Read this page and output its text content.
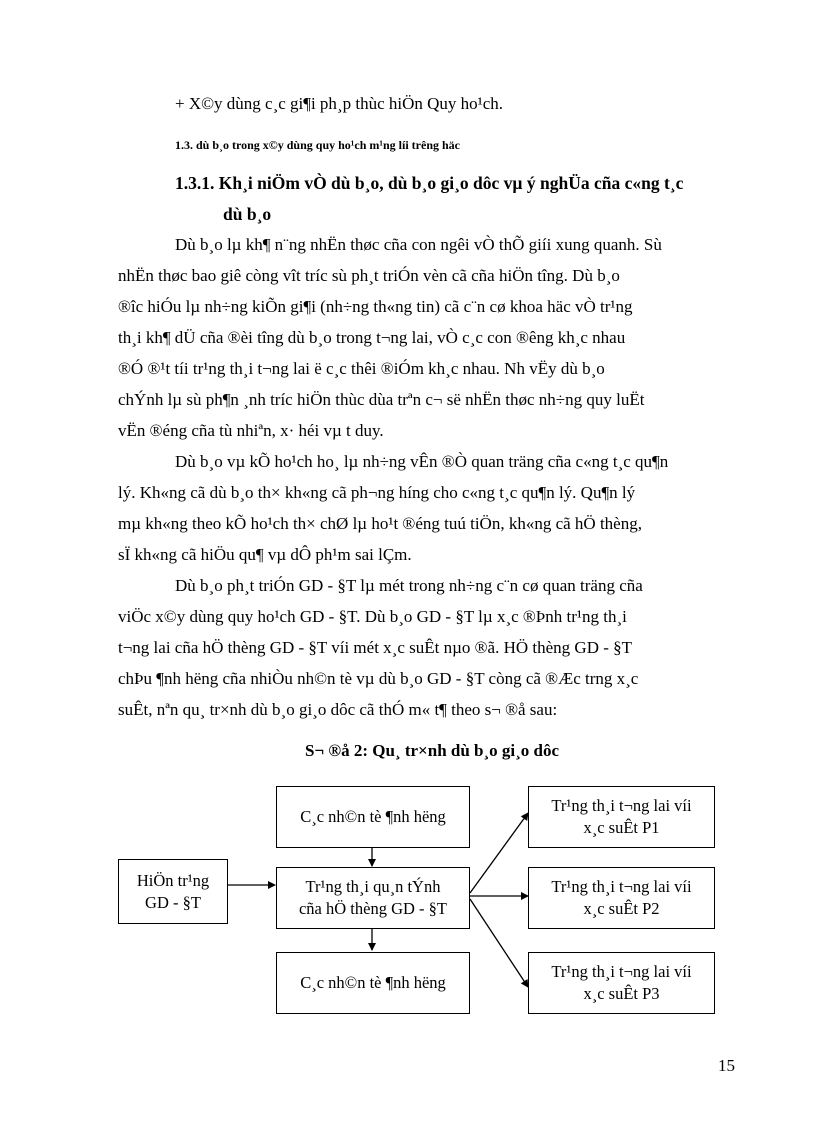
+ X©y dùng c¸c gi¶i ph¸p thùc hiÖn Quy ho¹ch.
1.3. dù b¸o trong x©y dùng quy ho¹ch m¹ng líi trêng häc
1.3.1. Kh¸i niÖm vÒ dù b¸o, dù b¸o gi¸o dôc vµ ý nghÜa cña c«ng t¸c
dù b¸o
Dù b¸o lµ kh¶ n¨ng nhËn thøc cña con ngêi vÒ thÕ giíi xung quanh. Sù
nhËn thøc bao giê còng vît tríc sù ph¸t triÓn vèn cã cña hiÖn tîng. Dù b¸o
®îc hiÓu lµ nh÷ng kiÕn gi¶i (nh÷ng th«ng tin) cã c¨n cø khoa häc vÒ tr¹ng
th¸i kh¶ dÜ cña ®èi tîng dù b¸o trong t¬ng lai, vÒ c¸c con ®êng kh¸c nhau
®Ó ®¹t tíi tr¹ng th¸i t¬ng lai ë c¸c thêi ®iÓm kh¸c nhau. Nh vËy dù b¸o
chÝnh lµ sù ph¶n ¸nh tríc hiÖn thùc dùa trªn c¬ së nhËn thøc nh÷ng quy luËt
vËn ®éng cña tù nhiªn, x· héi vµ t duy.
Dù b¸o vµ kÕ ho¹ch ho¸ lµ nh÷ng vÊn ®Ò quan träng cña c«ng t¸c qu¶n
lý. Kh«ng cã dù b¸o th× kh«ng cã ph¬ng híng cho c«ng t¸c qu¶n lý. Qu¶n lý
mµ kh«ng theo kÕ ho¹ch th× chØ lµ ho¹t ®éng tuú tiÖn, kh«ng cã hÖ thèng,
sÏ kh«ng cã hiÖu qu¶ vµ dÔ ph¹m sai lÇm.
Dù b¸o ph¸t triÓn GD - §T lµ mét trong nh÷ng c¨n cø quan träng cña
viÖc x©y dùng quy ho¹ch GD - §T. Dù b¸o GD - §T lµ x¸c ®Þnh tr¹ng th¸i
t¬ng lai cña hÖ thèng GD - §T víi mét x¸c suÊt nµo ®ã. HÖ thèng GD - §T
chÞu ¶nh hëng cña nhiÒu nh©n tè vµ dù b¸o GD - §T còng cã ®Æc trng x¸c
suÊt, nªn qu¸ tr×nh dù b¸o gi¸o dôc cã thÓ m« t¶ theo s¬ ®å sau:
S¬ ®å 2: Qu¸ tr×nh dù b¸o gi¸o dôc
HiÖn tr¹ng
GD - §T
C¸c nh©n tè ¶nh hëng
Tr¹ng th¸i qu¸n tÝnh
cña hÖ thèng GD - §T
C¸c nh©n tè ¶nh hëng
Tr¹ng th¸i t¬ng lai víi
x¸c suÊt P1
Tr¹ng th¸i t¬ng lai víi
x¸c suÊt P2
Tr¹ng th¸i t¬ng lai víi
x¸c suÊt P3
15
